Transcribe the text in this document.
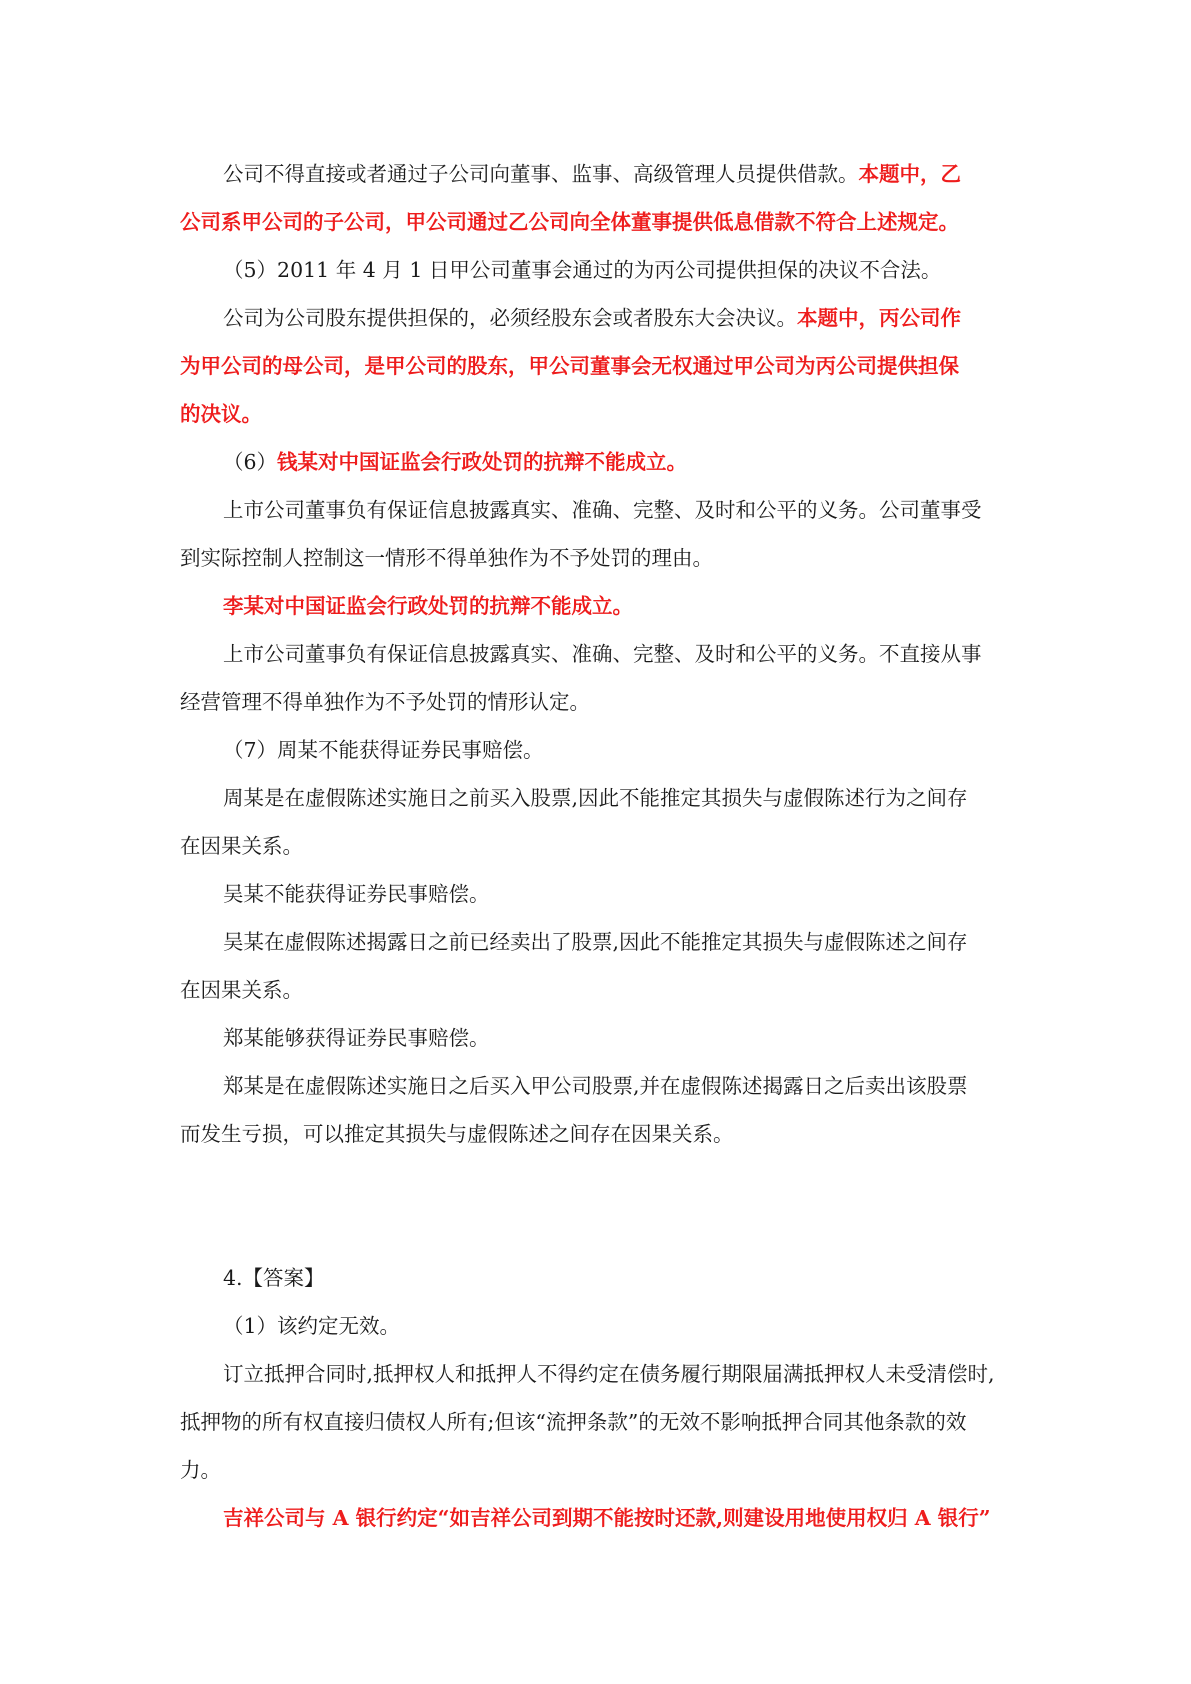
公司不得直接或者通过子公司向董事、监事、高级管理人员提供借款。本题中，乙

公司系甲公司的子公司，甲公司通过乙公司向全体董事提供低息借款不符合上述规定。

（5）2011 年 4 月 1 日甲公司董事会通过的为丙公司提供担保的决议不合法。

公司为公司股东提供担保的，必须经股东会或者股东大会决议。本题中，丙公司作

为甲公司的母公司，是甲公司的股东，甲公司董事会无权通过甲公司为丙公司提供担保

的决议。

（6）钱某对中国证监会行政处罚的抗辩不能成立。

上市公司董事负有保证信息披露真实、准确、完整、及时和公平的义务。公司董事受

到实际控制人控制这一情形不得单独作为不予处罚的理由。

李某对中国证监会行政处罚的抗辩不能成立。

上市公司董事负有保证信息披露真实、准确、完整、及时和公平的义务。不直接从事

经营管理不得单独作为不予处罚的情形认定。

（7）周某不能获得证券民事赔偿。

周某是在虚假陈述实施日之前买入股票,因此不能推定其损失与虚假陈述行为之间存

在因果关系。

吴某不能获得证券民事赔偿。

吴某在虚假陈述揭露日之前已经卖出了股票,因此不能推定其损失与虚假陈述之间存

在因果关系。

郑某能够获得证券民事赔偿。

郑某是在虚假陈述实施日之后买入甲公司股票,并在虚假陈述揭露日之后卖出该股票

而发生亏损，可以推定其损失与虚假陈述之间存在因果关系。

4.【答案】

（1）该约定无效。

订立抵押合同时,抵押权人和抵押人不得约定在债务履行期限届满抵押权人未受清偿时,

抵押物的所有权直接归债权人所有;但该“流押条款”的无效不影响抵押合同其他条款的效

力。

吉祥公司与 A 银行约定“如吉祥公司到期不能按时还款,则建设用地使用权归 A 银行”
